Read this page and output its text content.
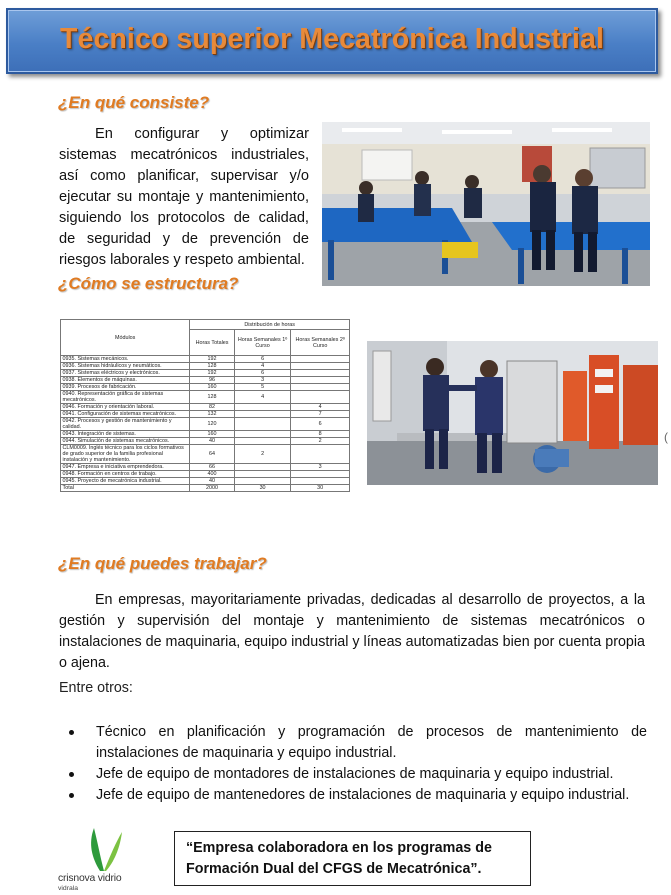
Técnico superior Mecatrónica Industrial
¿En qué consiste?

En configurar y optimizar sistemas mecatrónicos industriales, así como planificar, supervisar y/o ejecutar su montaje y mantenimiento, siguiendo los protocolos de calidad, de seguridad y de prevención de riesgos laborales y respeto ambiental.

¿Cómo se estructura?
Módulos	Distribución de horas		
	Horas Totales	Horas Semanales 1º Curso	Horas Semanales 2º Curso
0935. Sistemas mecánicos.	192	6	
0936. Sistemas hidráulicos y neumáticos.	128	4	
0937. Sistemas eléctricos y electrónicos.	192	6	
0938. Elementos de máquinas.	96	3	
0939. Procesos de fabricación.	160	5	
0940. Representación gráfica de sistemas mecatrónicos.	128	4	
0946. Formación y orientación laboral.	82		4
0941. Configuración de sistemas mecatrónicos.	132		7
0942. Procesos y gestión de mantenimiento y calidad.	120		6
0943. Integración de sistemas.	160		8
0944. Simulación de sistemas mecatrónicos.	40		2
CLM0009. Inglés técnico para los ciclos formativos de grado superior de la familia profesional instalación y mantenimiento.	64	2	
0947. Empresa e iniciativa emprendedora.	66		3
0948. Formación en centros de trabajo.	400		
0945. Proyecto de mecatrónica industrial.	40		
Total	2000	30	30
¿En qué puedes trabajar?

En empresas, mayoritariamente privadas, dedicadas al desarrollo de proyectos, a la gestión y supervisión del montaje y mantenimiento de sistemas mecatrónicos o instalaciones de maquinaria, equipo industrial y líneas automatizadas bien por cuenta propia o ajena.

Entre otros:
Técnico en planificación y programación de procesos de mantenimiento de instalaciones de maquinaria y equipo industrial.
Jefe de equipo de montadores de instalaciones de maquinaria y equipo industrial.
Jefe de equipo de mantenedores de instalaciones de maquinaria y equipo industrial.
crisnova vidrio
vidrala
“Empresa colaboradora en los programas de Formación Dual del CFGS de Mecatrónica”.
(
